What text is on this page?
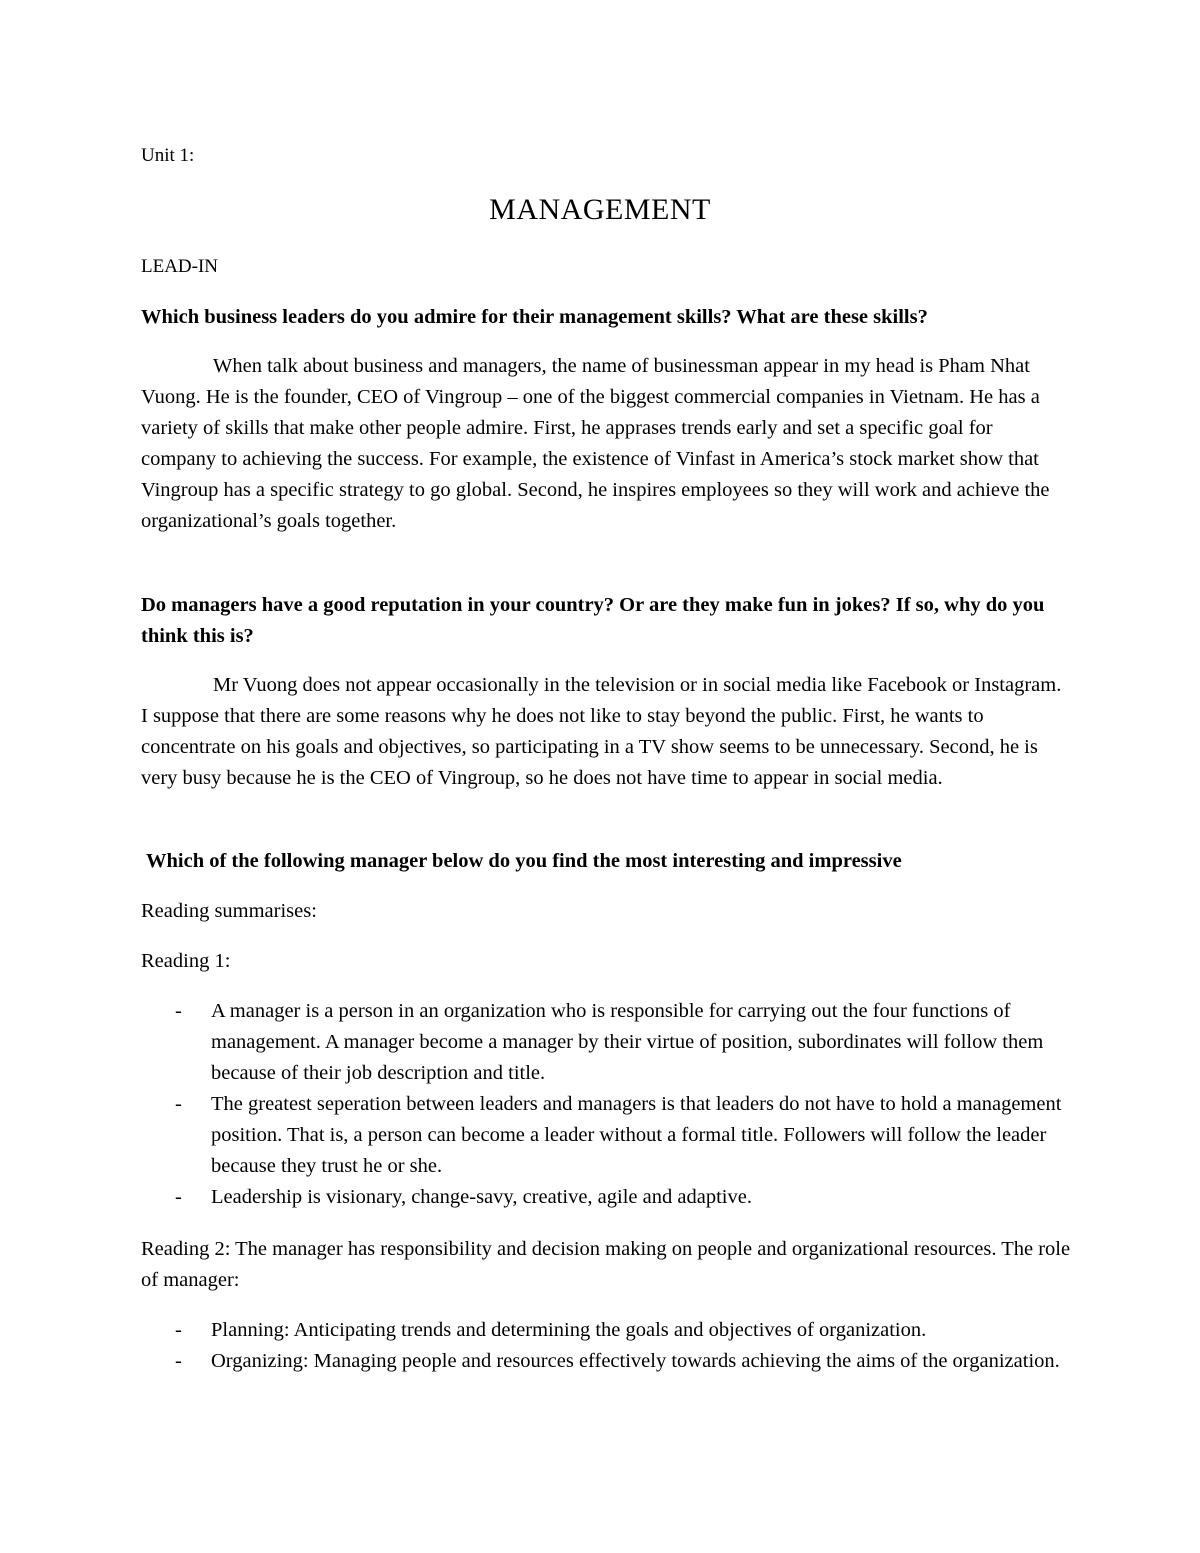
Unit 1:

MANAGEMENT

LEAD-IN

Which business leaders do you admire for their management skills? What are these skills?

When talk about business and managers, the name of businessman appear in my head is Pham Nhat Vuong. He is the founder, CEO of Vingroup – one of the biggest commercial companies in Vietnam. He has a variety of skills that make other people admire. First, he apprases trends early and set a specific goal for company to achieving the success. For example, the existence of Vinfast in America’s stock market show that Vingroup has a specific strategy to go global. Second, he inspires employees so they will work and achieve the organizational’s goals together.

Do managers have a good reputation in your country? Or are they make fun in jokes? If so, why do you think this is?

Mr Vuong does not appear occasionally in the television or in social media like Facebook or Instagram. I suppose that there are some reasons why he does not like to stay beyond the public. First, he wants to concentrate on his goals and objectives, so participating in a TV show seems to be unnecessary. Second, he is very busy because he is the CEO of Vingroup, so he does not have time to appear in social media.

Which of the following manager below do you find the most interesting and impressive

Reading summarises:

Reading 1:

- A manager is a person in an organization who is responsible for carrying out the four functions of management. A manager become a manager by their virtue of position, subordinates will follow them because of their job description and title.
- The greatest seperation between leaders and managers is that leaders do not have to hold a management position. That is, a person can become a leader without a formal title. Followers will follow the leader because they trust he or she.
- Leadership is visionary, change-savy, creative, agile and adaptive.

Reading 2: The manager has responsibility and decision making on people and organizational resources. The role of manager:

- Planning: Anticipating trends and determining the goals and objectives of organization.
- Organizing: Managing people and resources effectively towards achieving the aims of the organization.
